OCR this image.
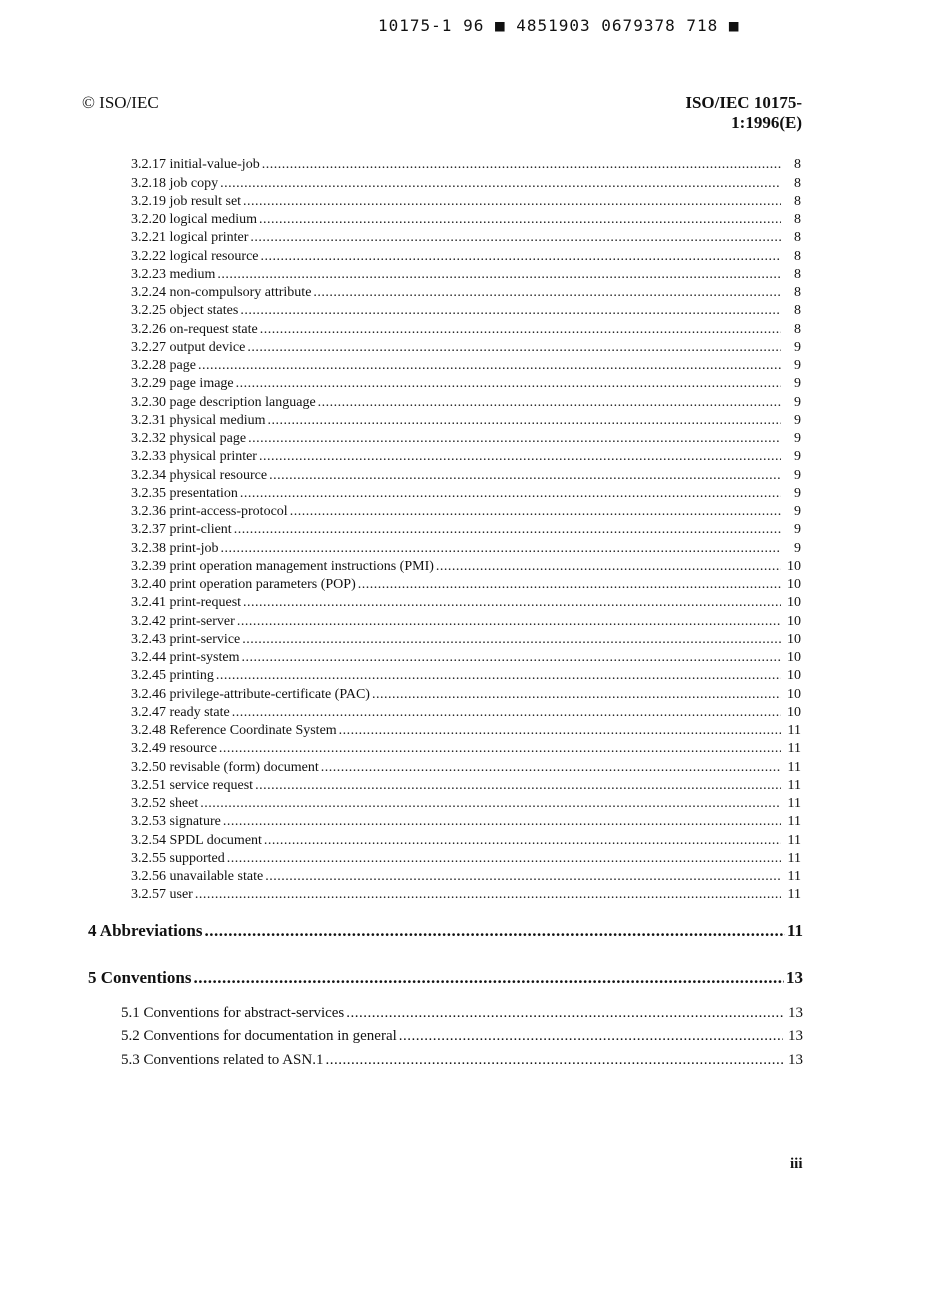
10175-1 96 ■ 4851903 0679378 718 ■
© ISO/IEC	ISO/IEC 10175-1:1996(E)
3.2.17 initial-value-job .....	8
3.2.18 job copy .....	8
3.2.19 job result set .....	8
3.2.20 logical medium .....	8
3.2.21 logical printer .....	8
3.2.22 logical resource .....	8
3.2.23 medium .....	8
3.2.24 non-compulsory attribute .....	8
3.2.25 object states .....	8
3.2.26 on-request state .....	8
3.2.27 output device .....	9
3.2.28 page .....	9
3.2.29 page image .....	9
3.2.30 page description language .....	9
3.2.31 physical medium .....	9
3.2.32 physical page .....	9
3.2.33 physical printer .....	9
3.2.34 physical resource .....	9
3.2.35 presentation .....	9
3.2.36 print-access-protocol .....	9
3.2.37 print-client .....	9
3.2.38 print-job .....	9
3.2.39 print operation management instructions (PMI) .....	10
3.2.40 print operation parameters (POP) .....	10
3.2.41 print-request .....	10
3.2.42 print-server .....	10
3.2.43 print-service .....	10
3.2.44 print-system .....	10
3.2.45 printing .....	10
3.2.46 privilege-attribute-certificate (PAC) .....	10
3.2.47 ready state .....	10
3.2.48 Reference Coordinate System .....	11
3.2.49 resource .....	11
3.2.50 revisable (form) document .....	11
3.2.51 service request .....	11
3.2.52 sheet .....	11
3.2.53 signature .....	11
3.2.54 SPDL document .....	11
3.2.55 supported .....	11
3.2.56 unavailable state .....	11
3.2.57 user .....	11
4 Abbreviations .....	11
5 Conventions .....	13
5.1 Conventions for abstract-services .....	13
5.2 Conventions for documentation in general .....	13
5.3 Conventions related to ASN.1 .....	13
iii
